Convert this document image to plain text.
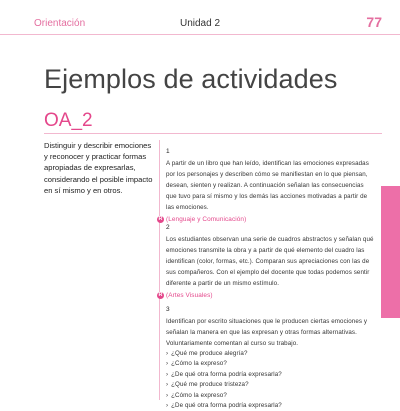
Orientación	Unidad 2	77
Ejemplos de actividades
OA_2
Distinguir y describir emociones y reconocer y practicar formas apropiadas de expresarlas, considerando el posible impacto en sí mismo y en otros.
1

A partir de un libro que han leído, identifican las emociones expresadas por los personajes y describen cómo se manifiestan en lo que piensan, desean, sienten y realizan. A continuación señalan las consecuencias que tuvo para sí mismo y los demás las acciones motivadas a partir de las emociones.

R (Lenguaje y Comunicación)
2

Los estudiantes observan una serie de cuadros abstractos y señalan qué emociones transmite la obra y a partir de qué elemento del cuadro las identifican (color, formas, etc.). Comparan sus apreciaciones con las de sus compañeros. Con el ejemplo del docente que todas podemos sentir diferente a partir de un mismo estímulo.

R (Artes Visuales)
3

Identifican por escrito situaciones que le producen ciertas emociones y señalan la manera en que las expresan y otras formas alternativas. Voluntariamente comentan al curso su trabajo.

› ¿Qué me produce alegría?
› ¿Cómo la expreso?
› ¿De qué otra forma podría expresarla?
› ¿Qué me produce tristeza?
› ¿Cómo la expreso?
› ¿De qué otra forma podría expresarla?
